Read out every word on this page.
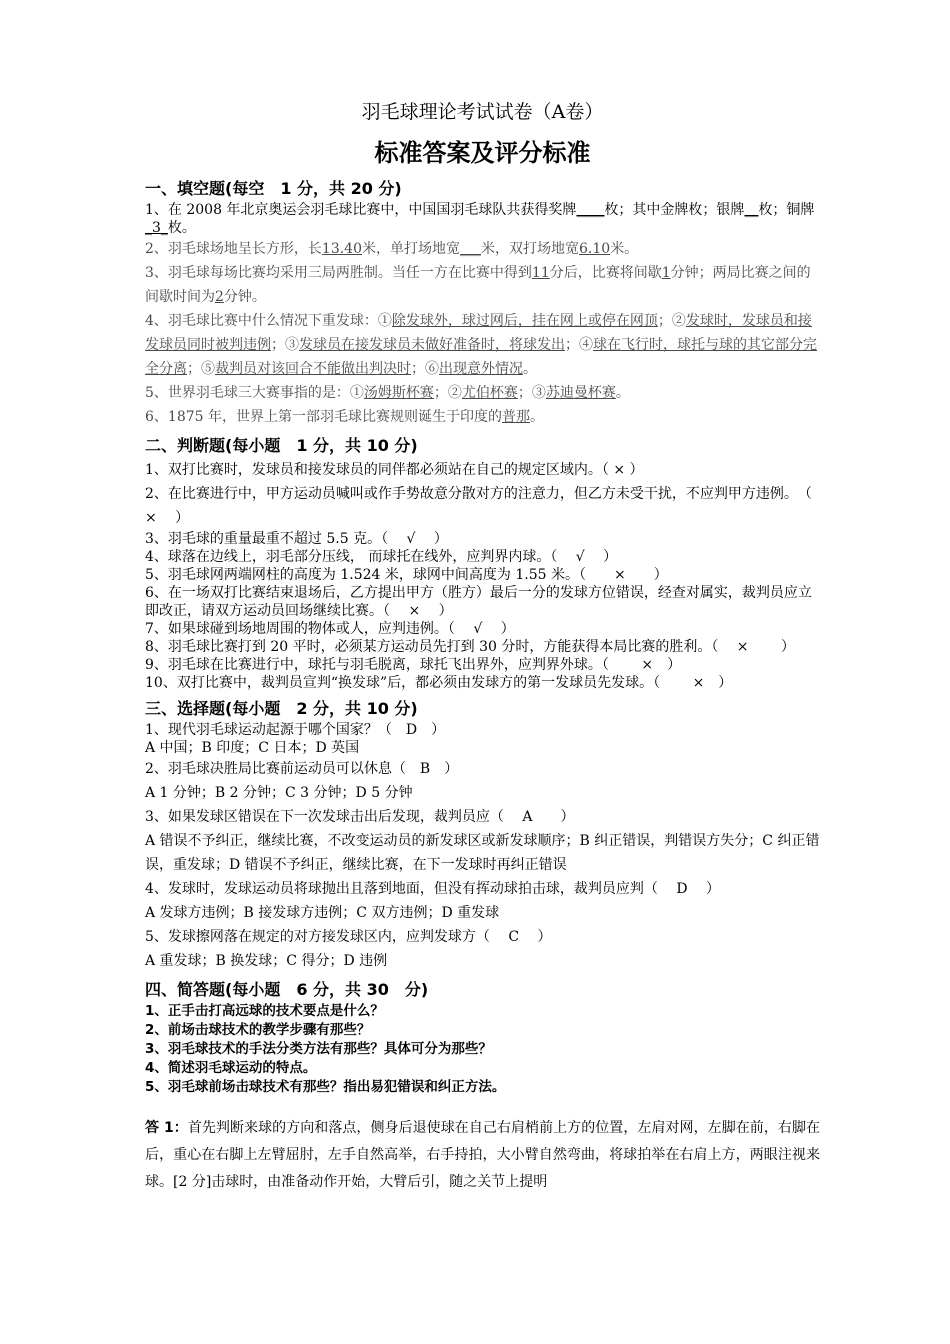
羽毛球理论考试试卷（A卷）
标准答案及评分标准
一、填空题(每空　1 分，共 20 分)

1、在 2008 年北京奥运会羽毛球比赛中，中国国羽毛球队共获得奖牌____枚；其中金牌枚；银牌__枚；铜牌_3_枚。

2、羽毛球场地呈长方形，长13.40米，单打场地宽___米，双打场地宽6.10米。

3、羽毛球每场比赛均采用三局两胜制。当任一方在比赛中得到11分后，比赛将间歇1分钟；两局比赛之间的间歇时间为2分钟。

4、羽毛球比赛中什么情况下重发球：①除发球外，球过网后，挂在网上或停在网顶；②发球时，发球员和接发球员同时被判违例；③发球员在接发球员未做好准备时，将球发出；④球在飞行时，球托与球的其它部分完全分离；⑤裁判员对该回合不能做出判决时；⑥出现意外情况。

5、世界羽毛球三大赛事指的是：①汤姆斯杯赛；②尤伯杯赛；③苏迪曼杯赛。

6、1875 年，世界上第一部羽毛球比赛规则诞生于印度的普那。

二、判断题(每小题　1 分，共 10 分)

1、双打比赛时，发球员和接发球员的同伴都必须站在自己的规定区域内。（ × ）

2、在比赛进行中，甲方运动员喊叫或作手势故意分散对方的注意力，但乙方未受干扰，不应判甲方违例。　（　 ×　 ）

3、羽毛球的重量最重不超过 5.5 克。（　 √　 ）

4、球落在边线上，羽毛部分压线， 而球托在线外，应判界内球。（　 √　 ）

5、羽毛球网两端网柱的高度为 1.524 米，球网中间高度为 1.55 米。（　　×　　）

6、在一场双打比赛结束退场后，乙方提出甲方（胜方）最后一分的发球方位错误，经查对属实，裁判员应立即改正，请双方运动员回场继续比赛。（　 ×　 ）

7、如果球碰到场地周围的物体或人，应判违例。（　 √　 ）

8、羽毛球比赛打到 20 平时，必须某方运动员先打到 30 分时，方能获得本局比赛的胜利。（　 ×　　 ）

9、羽毛球在比赛进行中，球托与羽毛脱离，球托飞出界外，应判界外球。（　　 ×　）

10、双打比赛中，裁判员宣判“换发球”后，都必须由发球方的第一发球员先发球。（　　 ×　）

三、选择题(每小题　2 分，共 10 分)

1、现代羽毛球运动起源于哪个国家？（　D　）

A 中国；B 印度；C 日本；D 英国

2、羽毛球决胜局比赛前运动员可以休息（　B　）

A 1 分钟；B 2 分钟；C 3 分钟；D 5 分钟

3、如果发球区错误在下一次发球击出后发现，裁判员应（　 A　　）

A 错误不予纠正，继续比赛，不改变运动员的新发球区或新发球顺序；B 纠正错误，判错误方失分；C 纠正错误，重发球；D 错误不予纠正，继续比赛，在下一发球时再纠正错误

4、发球时，发球运动员将球抛出且落到地面，但没有挥动球拍击球，裁判员应判（　 D　 ）

A 发球方违例；B 接发球方违例；C 双方违例；D 重发球

5、发球擦网落在规定的对方接发球区内，应判发球方（　 C　 ）

A 重发球；B 换发球；C 得分；D 违例

四、简答题(每小题　6 分，共 30　分)

1、正手击打高远球的技术要点是什么？

2、前场击球技术的教学步骤有那些？

3、羽毛球技术的手法分类方法有那些？具体可分为那些？

4、简述羽毛球运动的特点。

5、羽毛球前场击球技术有那些？指出易犯错误和纠正方法。

答 1：首先判断来球的方向和落点，侧身后退使球在自己右肩梢前上方的位置，左肩对网，左脚在前，右脚在后，重心在右脚上左臂屈肘，左手自然高举，右手持拍，大小臂自然弯曲，将球拍举在右肩上方，两眼注视来球。[2 分]击球时，由准备动作开始，大臂后引，随之关节上提明
